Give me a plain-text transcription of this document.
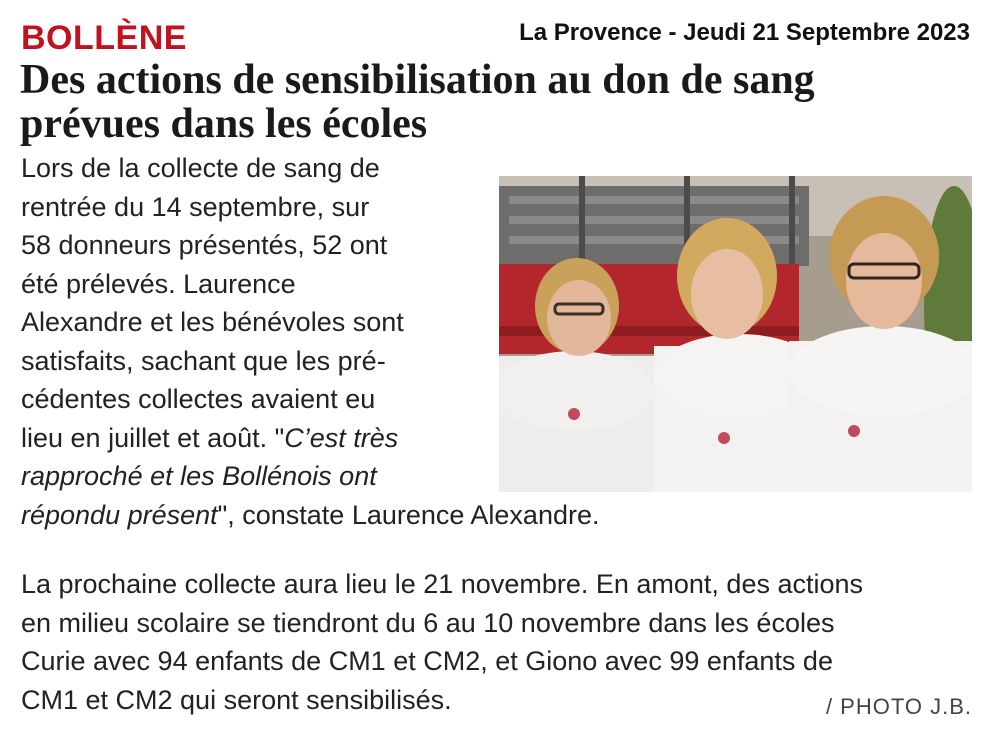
BOLLÈNE	La Provence - Jeudi 21 Septembre 2023
Des actions de sensibilisation au don de sang
prévues dans les écoles
Lors de la collecte de sang de
rentrée du 14 septembre, sur
58 donneurs présentés, 52 ont
été prélevés. Laurence
Alexandre et les bénévoles sont
satisfaits, sachant que les pré-
cédentes collectes avaient eu
lieu en juillet et août. "C’est très
rapproché et les Bollénois ont
répondu présent", constate Laurence Alexandre.
La prochaine collecte aura lieu le 21 novembre. En amont, des actions
en milieu scolaire se tiendront du 6 au 10 novembre dans les écoles
Curie avec 94 enfants de CM1 et CM2, et Giono avec 99 enfants de
CM1 et CM2 qui seront sensibilisés.	/ PHOTO J.B.
